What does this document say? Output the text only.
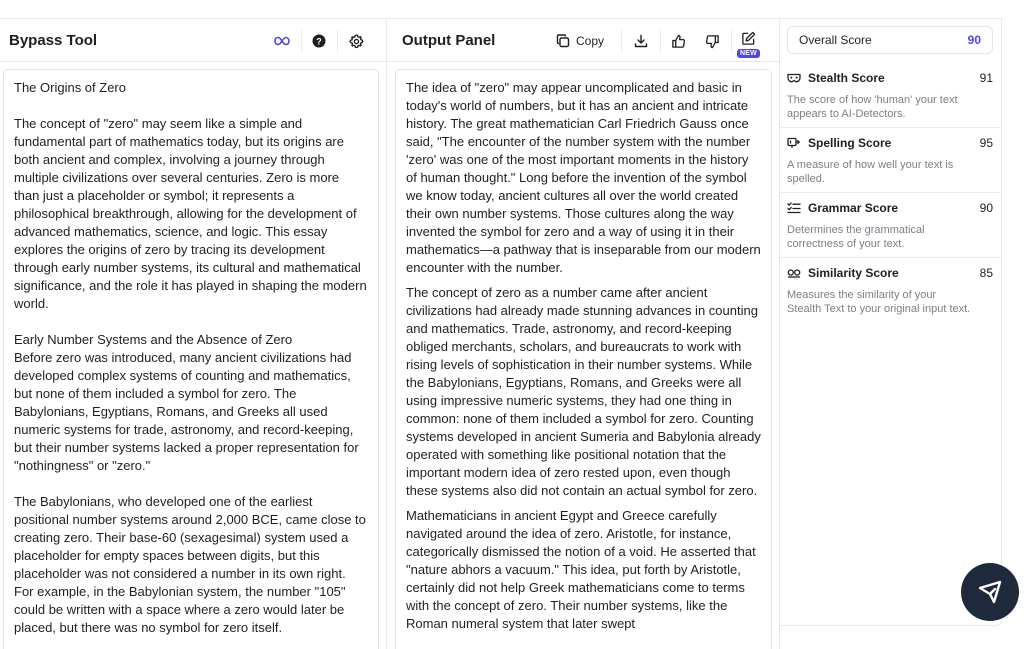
Bypass Tool	?

The Origins of Zero

The concept of "zero" may seem like a simple and fundamental part of mathematics today, but its origins are both ancient and complex, involving a journey through multiple civilizations over several centuries. Zero is more than just a placeholder or symbol; it represents a philosophical breakthrough, allowing for the development of advanced mathematics, science, and logic. This essay explores the origins of zero by tracing its development through early number systems, its cultural and mathematical significance, and the role it has played in shaping the modern world.

Early Number Systems and the Absence of Zero
Before zero was introduced, many ancient civilizations had developed complex systems of counting and mathematics, but none of them included a symbol for zero. The Babylonians, Egyptians, Romans, and Greeks all used numeric systems for trade, astronomy, and record-keeping, but their number systems lacked a proper representation for "nothingness" or "zero."

The Babylonians, who developed one of the earliest positional number systems around 2,000 BCE, came close to creating zero. Their base-60 (sexagesimal) system used a placeholder for empty spaces between digits, but this placeholder was not considered a number in its own right. For example, in the Babylonian system, the number "105" could be written with a space where a zero would later be placed, but there was no symbol for zero itself.

Output Panel	Copy
NEW

The idea of "zero" may appear uncomplicated and basic in today's world of numbers, but it has an ancient and intricate history. The great mathematician Carl Friedrich Gauss once said, "The encounter of the number system with the number 'zero' was one of the most important moments in the history of human thought." Long before the invention of the symbol we know today, ancient cultures all over the world created their own number systems. Those cultures along the way invented the symbol for zero and a way of using it in their mathematics—a pathway that is inseparable from our modern encounter with the number.

The concept of zero as a number came after ancient civilizations had already made stunning advances in counting and mathematics. Trade, astronomy, and record-keeping obliged merchants, scholars, and bureaucrats to work with rising levels of sophistication in their number systems. While the Babylonians, Egyptians, Romans, and Greeks were all using impressive numeric systems, they had one thing in common: none of them included a symbol for zero. Counting systems developed in ancient Sumeria and Babylonia already operated with something like positional notation that the important modern idea of zero rested upon, even though these systems also did not contain an actual symbol for zero.

Mathematicians in ancient Egypt and Greece carefully navigated around the idea of zero. Aristotle, for instance, categorically dismissed the notion of a void. He asserted that "nature abhors a vacuum." This idea, put forth by Aristotle, certainly did not help Greek mathematicians come to terms with the concept of zero. Their number systems, like the Roman numeral system that later swept

Overall Score	90
Stealth Score	91
The score of how 'human' your text appears to AI-Detectors.
Spelling Score	95
A measure of how well your text is spelled.
Grammar Score	90
Determines the grammatical correctness of your text.
Similarity Score	85
Measures the similarity of your Stealth Text to your original input text.
